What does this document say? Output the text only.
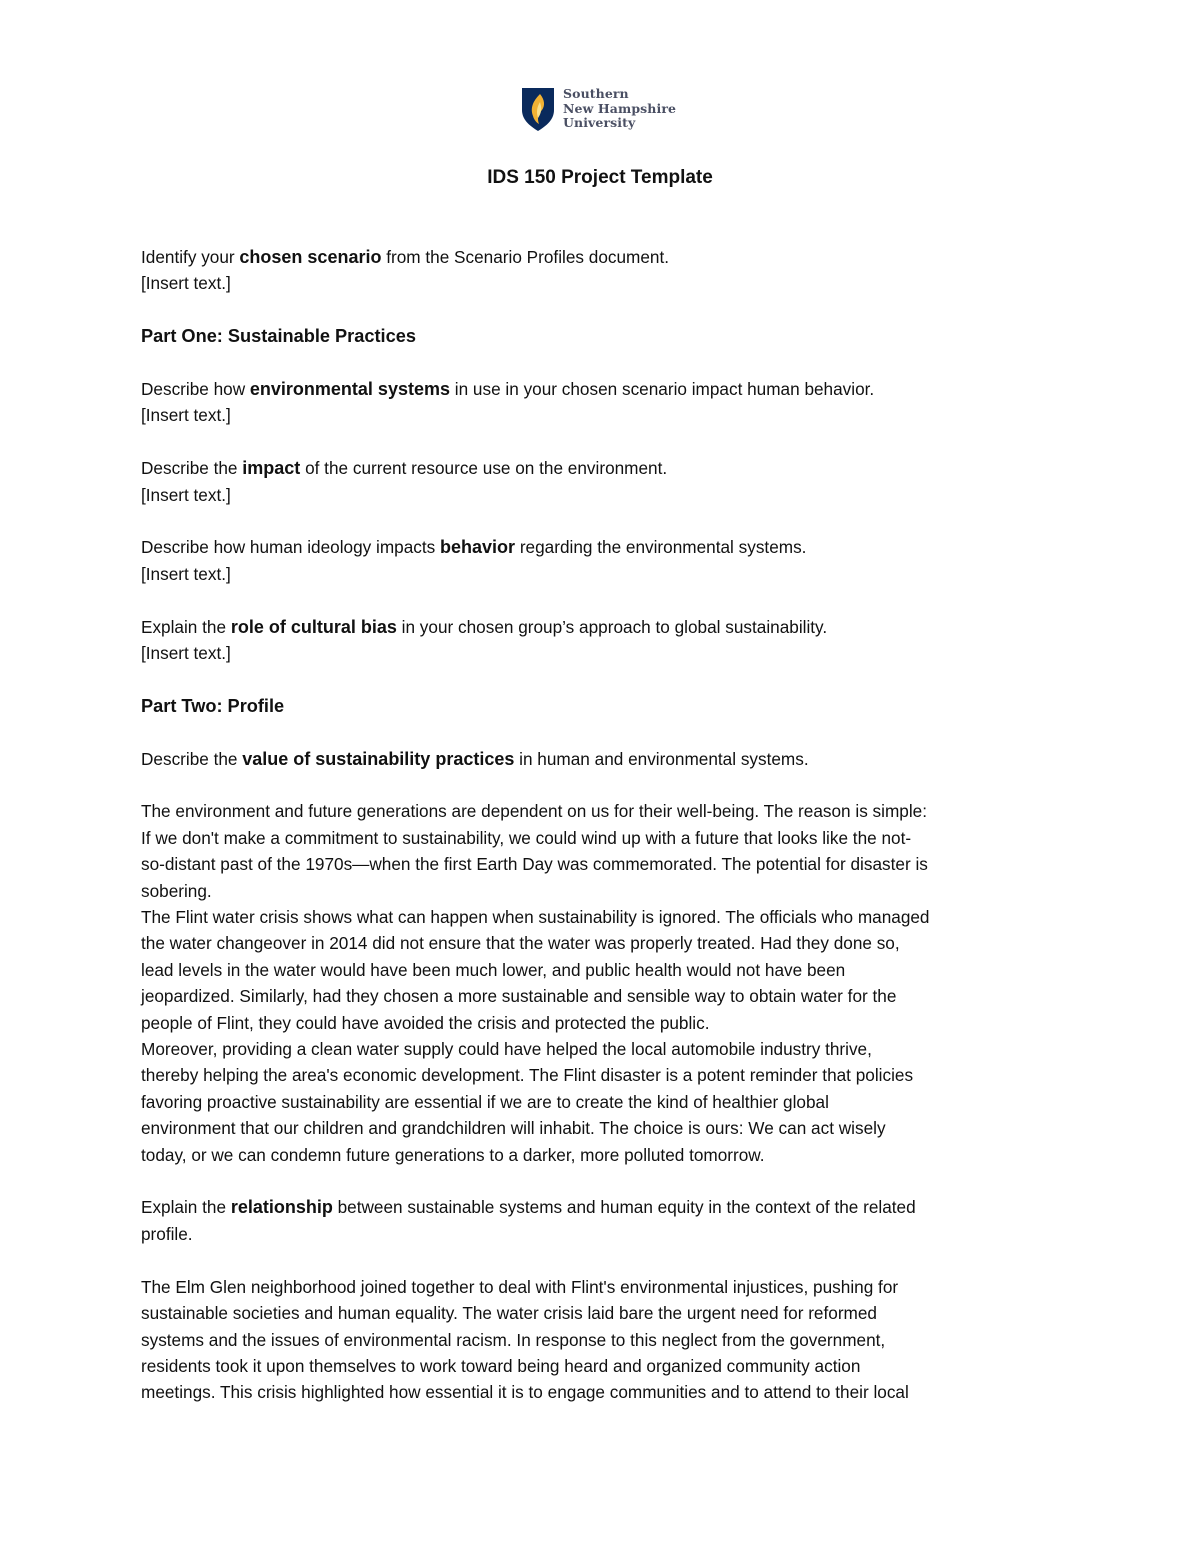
Southern
New Hampshire
University
IDS 150 Project Template

Identify your chosen scenario from the Scenario Profiles document.

[Insert text.]

Part One: Sustainable Practices

Describe how environmental systems in use in your chosen scenario impact human behavior.

[Insert text.]

Describe the impact of the current resource use on the environment.

[Insert text.]

Describe how human ideology impacts behavior regarding the environmental systems.

[Insert text.]

Explain the role of cultural bias in your chosen group’s approach to global sustainability.

[Insert text.]

Part Two: Profile

Describe the value of sustainability practices in human and environmental systems.

The environment and future generations are dependent on us for their well-being. The reason is simple:

If we don't make a commitment to sustainability, we could wind up with a future that looks like the not-

so-distant past of the 1970s—when the first Earth Day was commemorated. The potential for disaster is

sobering.

The Flint water crisis shows what can happen when sustainability is ignored. The officials who managed

the water changeover in 2014 did not ensure that the water was properly treated. Had they done so,

lead levels in the water would have been much lower, and public health would not have been

jeopardized. Similarly, had they chosen a more sustainable and sensible way to obtain water for the

people of Flint, they could have avoided the crisis and protected the public.

Moreover, providing a clean water supply could have helped the local automobile industry thrive,

thereby helping the area's economic development. The Flint disaster is a potent reminder that policies

favoring proactive sustainability are essential if we are to create the kind of healthier global

environment that our children and grandchildren will inhabit. The choice is ours: We can act wisely

today, or we can condemn future generations to a darker, more polluted tomorrow.

Explain the relationship between sustainable systems and human equity in the context of the related

profile.

The Elm Glen neighborhood joined together to deal with Flint's environmental injustices, pushing for

sustainable societies and human equality. The water crisis laid bare the urgent need for reformed

systems and the issues of environmental racism. In response to this neglect from the government,

residents took it upon themselves to work toward being heard and organized community action

meetings. This crisis highlighted how essential it is to engage communities and to attend to their local
